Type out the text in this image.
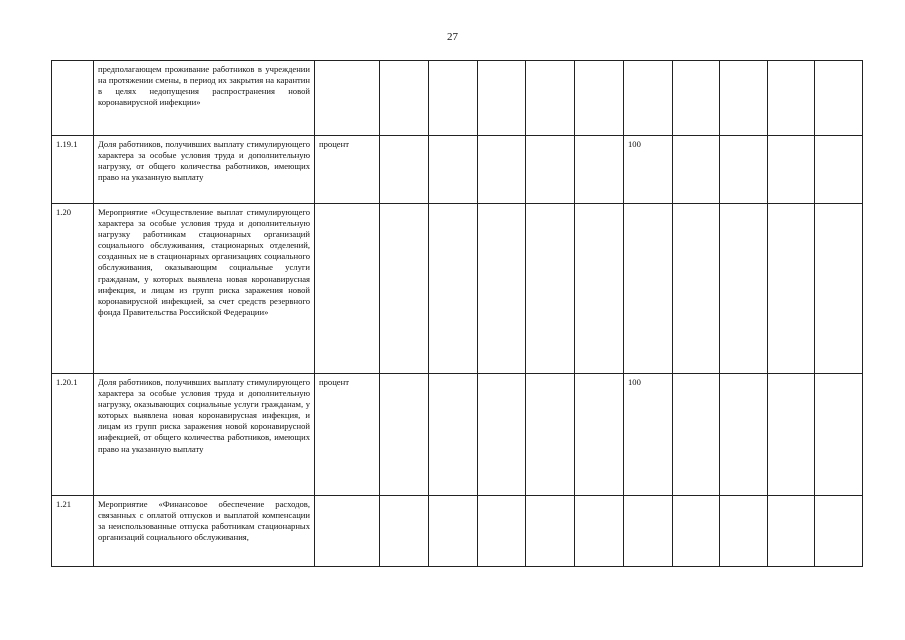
27
	предполагающем проживание работников в учреждении на протяжении смены, в период их закрытия на карантин в целях недопущения распространения новой коронавирусной инфекции»											
1.19.1	Доля работников, получивших выплату стимулирующего характера за особые условия труда и дополнительную нагрузку, от общего количества работников, имеющих право на указанную выплату	процент						100				
1.20	Мероприятие «Осуществление выплат стимулирующего характера за особые условия труда и дополнительную нагрузку работникам стационарных организаций социального обслуживания, стационарных отделений, созданных не в стационарных организациях социального обслуживания, оказывающим социальные услуги гражданам, у которых выявлена новая коронавирусная инфекция, и лицам из групп риска заражения новой коронавирусной инфекцией, за счет средств резервного фонда Правительства Российской Федерации»											
1.20.1	Доля работников, получивших выплату стимулирующего характера за особые условия труда и дополнительную нагрузку, оказывающих социальные услуги гражданам, у которых выявлена новая коронавирусная инфекция, и лицам из групп риска заражения новой коронавирусной инфекцией, от общего количества работников, имеющих право на указанную выплату	процент						100				
1.21	Мероприятие «Финансовое обеспечение расходов, связанных с оплатой отпусков и выплатой компенсации за неиспользованные отпуска работникам стационарных организаций социального обслуживания,											
